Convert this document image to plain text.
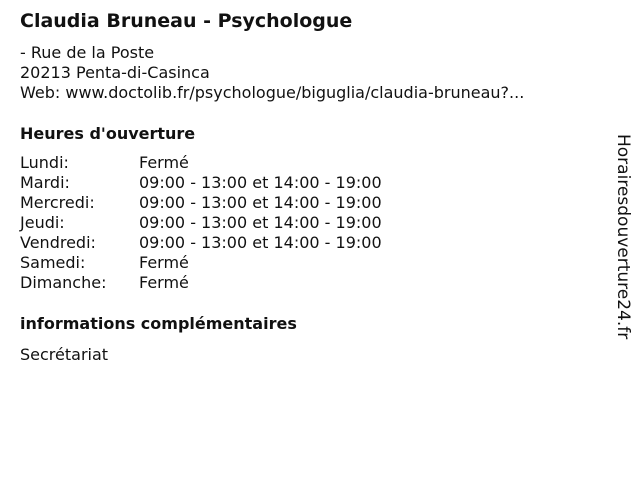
Claudia Bruneau - Psychologue
- Rue de la Poste
20213 Penta-di-Casinca
Web: www.doctolib.fr/psychologue/biguglia/claudia-bruneau?...
Heures d'ouverture
Lundi:	Fermé
Mardi:	09:00 - 13:00 et 14:00 - 19:00
Mercredi:	09:00 - 13:00 et 14:00 - 19:00
Jeudi:	09:00 - 13:00 et 14:00 - 19:00
Vendredi:	09:00 - 13:00 et 14:00 - 19:00
Samedi:	Fermé
Dimanche:	Fermé
informations complémentaires
Secrétariat
Horairesdouverture24.fr
